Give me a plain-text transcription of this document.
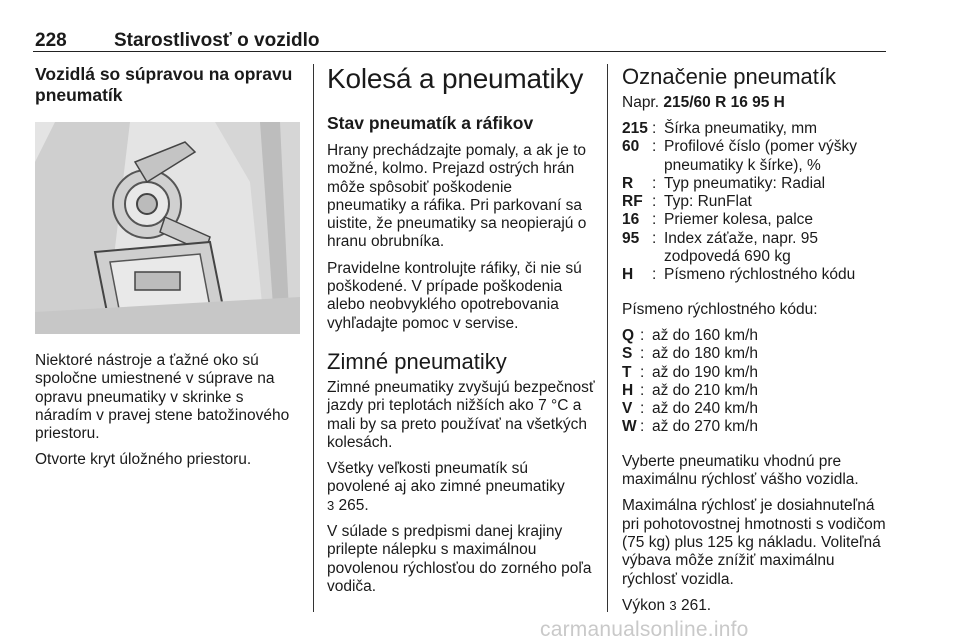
228 Starostlivosť o vozidlo
Vozidlá so súpravou na opravu pneumatík

Niektoré nástroje a ťažné oko sú spoločne umiestnené v súprave na opravu pneumatiky v skrinke s náradím v pravej stene batožinového priestoru.

Otvorte kryt úložného priestoru.

Kolesá a pneumatiky
Stav pneumatík a ráfikov

Hrany prechádzajte pomaly, a ak je to možné, kolmo. Prejazd ostrých hrán môže spôsobiť poškodenie pneumatiky a ráfika. Pri parkovaní sa uistite, že pneumatiky sa neopierajú o hranu obrubníka.

Pravidelne kontrolujte ráfiky, či nie sú poškodené. V prípade poškodenia alebo neobvyklého opotrebovania vyhľadajte pomoc v servise.

Zimné pneumatiky

Zimné pneumatiky zvyšujú bezpečnosť jazdy pri teplotách nižších ako 7 °C a mali by sa preto používať na všetkých kolesách.

Všetky veľkosti pneumatík sú povolené aj ako zimné pneumatiky
3 265.

V súlade s predpismi danej krajiny prilepte nálepku s maximálnou povolenou rýchlosťou do zorného poľa vodiča.

Označenie pneumatík
Napr. 215/60 R 16 95 H
215 : Šírka pneumatiky, mm
60 : Profilové číslo (pomer výšky pneumatiky k šírke), %
R	: Typ pneumatiky: Radial
RF : Typ: RunFlat
16 : Priemer kolesa, palce
95 : Index záťaže, napr. 95 zodpovedá 690 kg
H	: Písmeno rýchlostného kódu

Písmeno rýchlostného kódu:

Q : až do 160 km/h
S : až do 180 km/h
T : až do 190 km/h
H : až do 210 km/h
V : až do 240 km/h
W : až do 270 km/h

Vyberte pneumatiku vhodnú pre maximálnu rýchlosť vášho vozidla.

Maximálna rýchlosť je dosiahnuteľná pri pohotovostnej hmotnosti s vodičom (75 kg) plus 125 kg nákladu. Voliteľná výbava môže znížiť maximálnu rýchlosť vozidla.

Výkon 3 261.

carmanualsonline.info
